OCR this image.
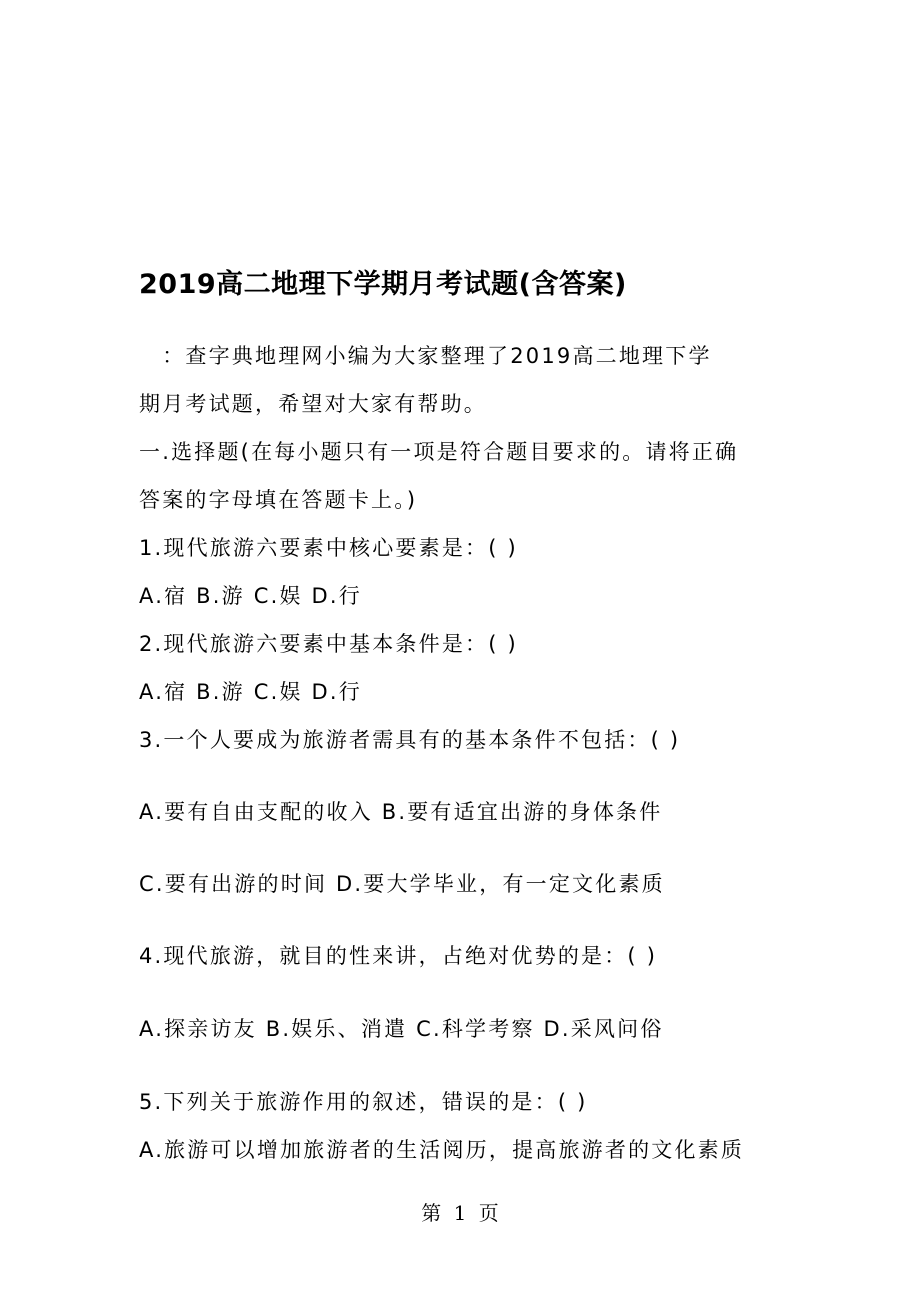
2019高二地理下学期月考试题(含答案)
　：查字典地理网小编为大家整理了2019高二地理下学
期月考试题，希望对大家有帮助。
一.选择题(在每小题只有一项是符合题目要求的。请将正确
答案的字母填在答题卡上。)
1.现代旅游六要素中核心要素是：( )
A.宿 B.游 C.娱 D.行
2.现代旅游六要素中基本条件是：( )
A.宿 B.游 C.娱 D.行
3.一个人要成为旅游者需具有的基本条件不包括：( )
A.要有自由支配的收入 B.要有适宜出游的身体条件
C.要有出游的时间 D.要大学毕业，有一定文化素质
4.现代旅游，就目的性来讲，占绝对优势的是：( )
A.探亲访友 B.娱乐、消遣 C.科学考察 D.采风问俗
5.下列关于旅游作用的叙述，错误的是：( )
A.旅游可以增加旅游者的生活阅历，提高旅游者的文化素质
第 1 页
